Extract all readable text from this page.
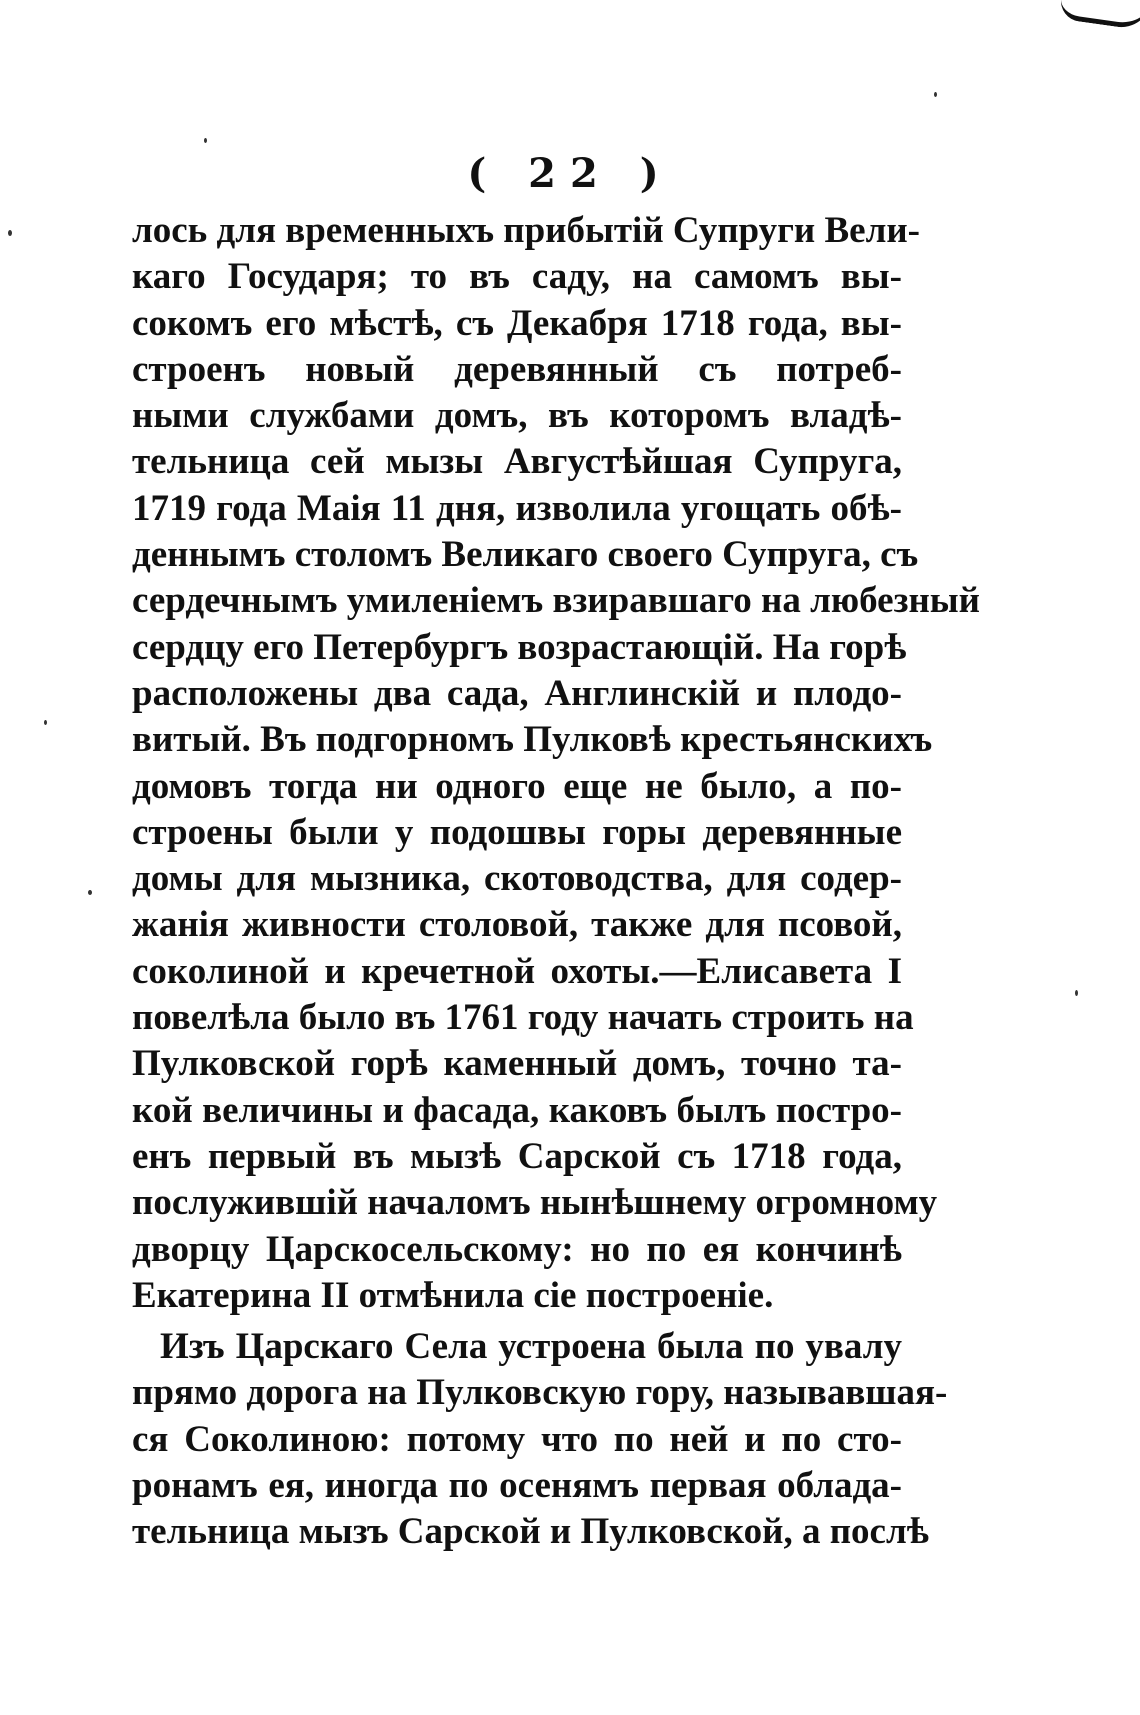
( 22 )
лось для временныхъ прибытій Супруги Вели-
каго Государя; то въ саду, на самомъ вы-
сокомъ его мѣстѣ, съ Декабря 1718 года, вы-
строенъ новый деревянный съ потреб-
ными службами домъ, въ которомъ владѣ-
тельница сей мызы Августѣйшая Супруга,
1719 года Маія 11 дня, изволила угощать обѣ-
деннымъ столомъ Великаго своего Супруга, съ
сердечнымъ умиленіемъ взиравшаго на любезный
сердцу его Петербургъ возрастающій. На горѣ
расположены два сада, Англинскій и плодо-
витый. Въ подгорномъ Пулковѣ крестьянскихъ
домовъ тогда ни одного еще не было, а по-
строены были у подошвы горы деревянные
домы для мызника, скотоводства, для содер-
жанія живности столовой, также для псовой,
соколиной и кречетной охоты.—Елисавета I
повелѣла было въ 1761 году начать строить на
Пулковской горѣ каменный домъ, точно та-
кой величины и фасада, каковъ былъ постро-
енъ первый въ мызѣ Сарской съ 1718 года,
послужившій началомъ нынѣшнему огромному
дворцу Царскосельскому: но по ея кончинѣ
Екатерина II отмѣнила сіе построеніе.
Изъ Царскаго Села устроена была по увалу
прямо дорога на Пулковскую гору, называвшая-
ся Соколиною: потому что по ней и по сто-
ронамъ ея, иногда по осенямъ первая облада-
тельница мызъ Сарской и Пулковской, а послѣ
